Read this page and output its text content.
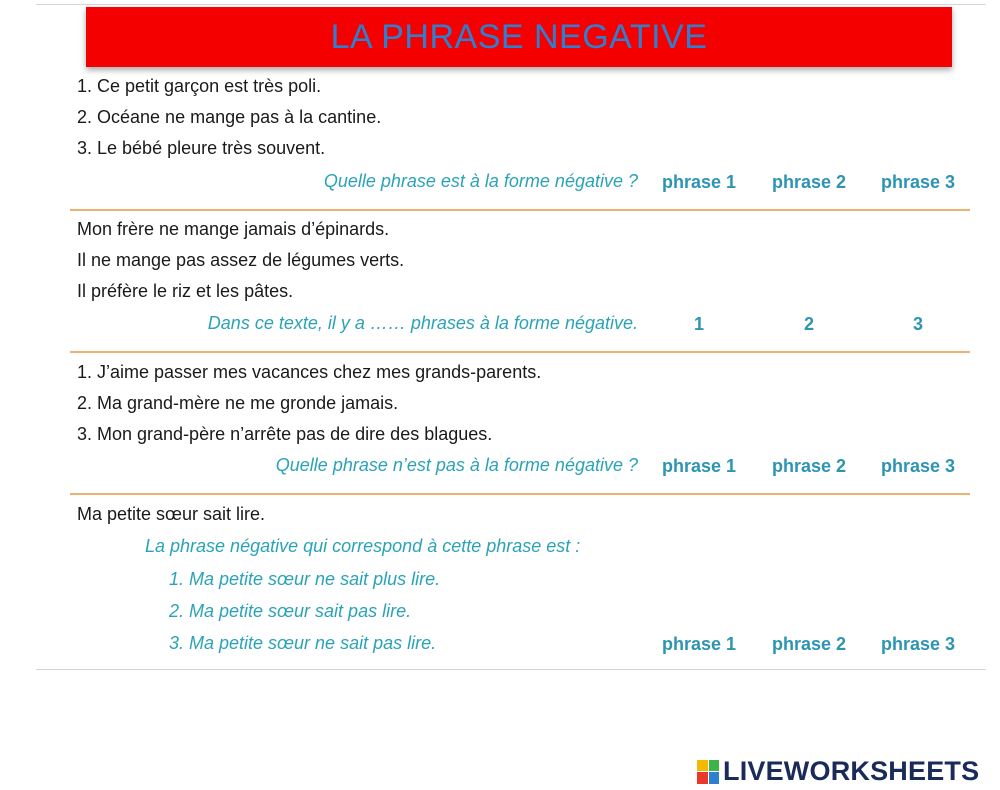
LA PHRASE NEGATIVE
1. Ce petit garçon est très poli.
2. Océane ne mange pas à la cantine.
3. Le bébé pleure très souvent.
Quelle phrase est à la forme négative ?	phrase 1	phrase 2	phrase 3
Mon frère ne mange jamais d’épinards.
Il ne mange pas assez de légumes verts.
Il préfère le riz et les pâtes.
Dans ce texte, il y a …… phrases à la forme négative.	1	2	3
1. J’aime passer mes vacances chez mes grands-parents.
2. Ma grand-mère ne me gronde jamais.
3. Mon grand-père n’arrête pas de dire des blagues.
Quelle phrase n’est pas à la forme négative ?	phrase 1	phrase 2	phrase 3
Ma petite sœur sait lire.
La phrase négative qui correspond à cette phrase est :
1. Ma petite sœur ne sait plus lire.
2. Ma petite sœur sait pas lire.
3. Ma petite sœur ne sait pas lire.	phrase 1	phrase 2	phrase 3
LIVEWORKSHEETS
